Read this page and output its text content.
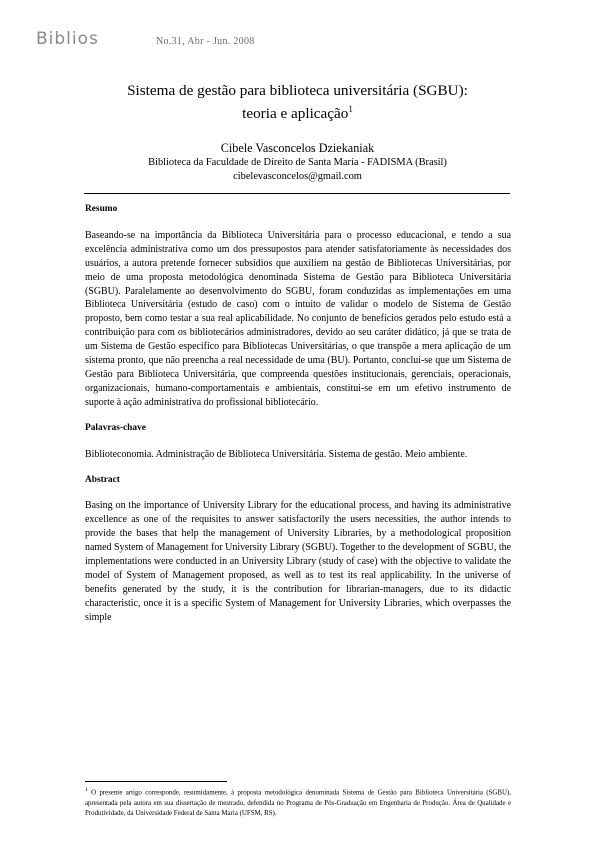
Biblios	No.31, Abr - Jun. 2008
Sistema de gestão para biblioteca universitária (SGBU):
teoria e aplicação$^1$
Cibele Vasconcelos Dziekaniak
Biblioteca da Faculdade de Direito de Santa Maria - FADISMA (Brasil)
cibelevasconcelos@gmail.com
Resumo

Baseando-se na importância da Biblioteca Universitária para o processo educacional, e tendo a sua excelência administrativa como um dos pressupostos para atender satisfatoriamente às necessidades dos usuários, a autora pretende fornecer subsídios que auxiliem na gestão de Bibliotecas Universitárias, por meio de uma proposta metodológica denominada Sistema de Gestão para Biblioteca Universitária (SGBU). Paralelamente ao desenvolvimento do SGBU, foram conduzidas as implementações em uma Biblioteca Universitária (estudo de caso) com o intuito de validar o modelo de Sistema de Gestão proposto, bem como testar a sua real aplicabilidade. No conjunto de benefícios gerados pelo estudo está a contribuição para com os bibliotecários administradores, devido ao seu caráter didático, já que se trata de um Sistema de Gestão específico para Bibliotecas Universitárias, o que transpõe a mera aplicação de um sistema pronto, que não preencha a real necessidade de uma (BU). Portanto, conclui-se que um Sistema de Gestão para Biblioteca Universitária, que compreenda questões institucionais, gerenciais, operacionais, organizacionais, humano-comportamentais e ambientais, constitui-se em um efetivo instrumento de suporte à ação administrativa do profissional bibliotecário.

Palavras-chave

Biblioteconomia. Administração de Biblioteca Universitária. Sistema de gestão. Meio ambiente.

Abstract

Basing on the importance of University Library for the educational process, and having its administrative excellence as one of the requisites to answer satisfactorily the users necessities, the author intends to provide the bases that help the management of University Libraries, by a methodological proposition named System of Management for University Library (SGBU). Together to the development of SGBU, the implementations were conducted in an University Library (study of case) with the objective to validate the model of System of Management proposed, as well as to test its real applicability. In the universe of benefits generated by the study, it is the contribution for librarian-managers, due to its didactic characteristic, once it is a specific System of Management for University Libraries, which overpasses the simple

$^1$ O presente artigo corresponde, resumidamente, à proposta metodológica denominada Sistema de Gestão para Biblioteca Universitária (SGBU), apresentada pela autora em sua dissertação de mestrado, defendida no Programa de Pós-Graduação em Engenharia de Produção. Área de Qualidade e Produtividade, da Universidade Federal de Santa Maria (UFSM, RS).
